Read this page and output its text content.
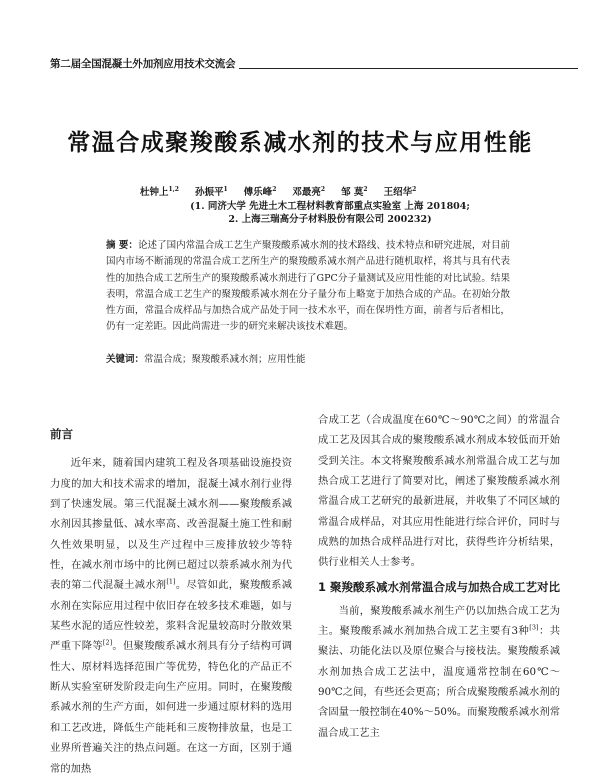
第二届全国混凝土外加剂应用技术交流会
常温合成聚羧酸系减水剂的技术与应用性能
杜钟上$^{1,2}$ 孙振平$^1$ 傅乐峰$^2$ 邓最亮$^2$ 邹 莫$^2$ 王绍华$^2$
(1. 同济大学 先进土木工程材料教育部重点实验室 上海 201804;
2. 上海三瑞高分子材料股份有限公司 200232)
摘 要：论述了国内常温合成工艺生产聚羧酸系减水剂的技术路线、技术特点和研究进展，对目前国内市场不断涌现的常温合成工艺所生产的聚羧酸系减水剂产品进行随机取样，将其与具有代表性的加热合成工艺所生产的聚羧酸系减水剂进行了GPC分子量测试及应用性能的对比试验。结果表明，常温合成工艺生产的聚羧酸系减水剂在分子量分布上略宽于加热合成的产品。在初始分散性方面，常温合成样品与加热合成产品处于同一技术水平，而在保坍性方面，前者与后者相比，仍有一定差距。因此尚需进一步的研究来解决该技术难题。
关键词：常温合成；聚羧酸系减水剂；应用性能
前言

近年来，随着国内建筑工程及各项基础设施投资力度的加大和技术需求的增加，混凝土减水剂行业得到了快速发展。第三代混凝土减水剂——聚羧酸系减水剂因其掺量低、减水率高、改善混凝土施工性和耐久性效果明显，以及生产过程中三废排放较少等特性，在减水剂市场中的比例已超过以萘系减水剂为代表的第二代混凝土减水剂[1]。尽管如此，聚羧酸系减水剂在实际应用过程中依旧存在较多技术难题，如与某些水泥的适应性较差，浆料含泥量较高时分散效果严重下降等[2]。但聚羧酸系减水剂具有分子结构可调性大、原材料选择范围广等优势，特色化的产品正不断从实验室研发阶段走向生产应用。同时，在聚羧酸系减水剂的生产方面，如何进一步通过原材料的选用和工艺改进，降低生产能耗和三废物排放量，也是工业界所普遍关注的热点问题。在这一方面，区别于通常的加热

合成工艺（合成温度在60℃～90℃之间）的常温合成工艺及因其合成的聚羧酸系减水剂成本较低而开始受到关注。本文将聚羧酸系减水剂常温合成工艺与加热合成工艺进行了简要对比，阐述了聚羧酸系减水剂常温合成工艺研究的最新进展，并收集了不同区域的常温合成样品，对其应用性能进行综合评价，同时与成熟的加热合成样品进行对比，获得些许分析结果，供行业相关人士参考。

1 聚羧酸系减水剂常温合成与加热合成工艺对比

当前，聚羧酸系减水剂生产仍以加热合成工艺为主。聚羧酸系减水剂加热合成工艺主要有3种[3]：共聚法、功能化法以及原位聚合与接枝法。聚羧酸系减水剂加热合成工艺法中，温度通常控制在60℃～90℃之间，有些还会更高；所合成聚羧酸系减水剂的含固量一般控制在40%～50%。而聚羧酸系减水剂常温合成工艺主
